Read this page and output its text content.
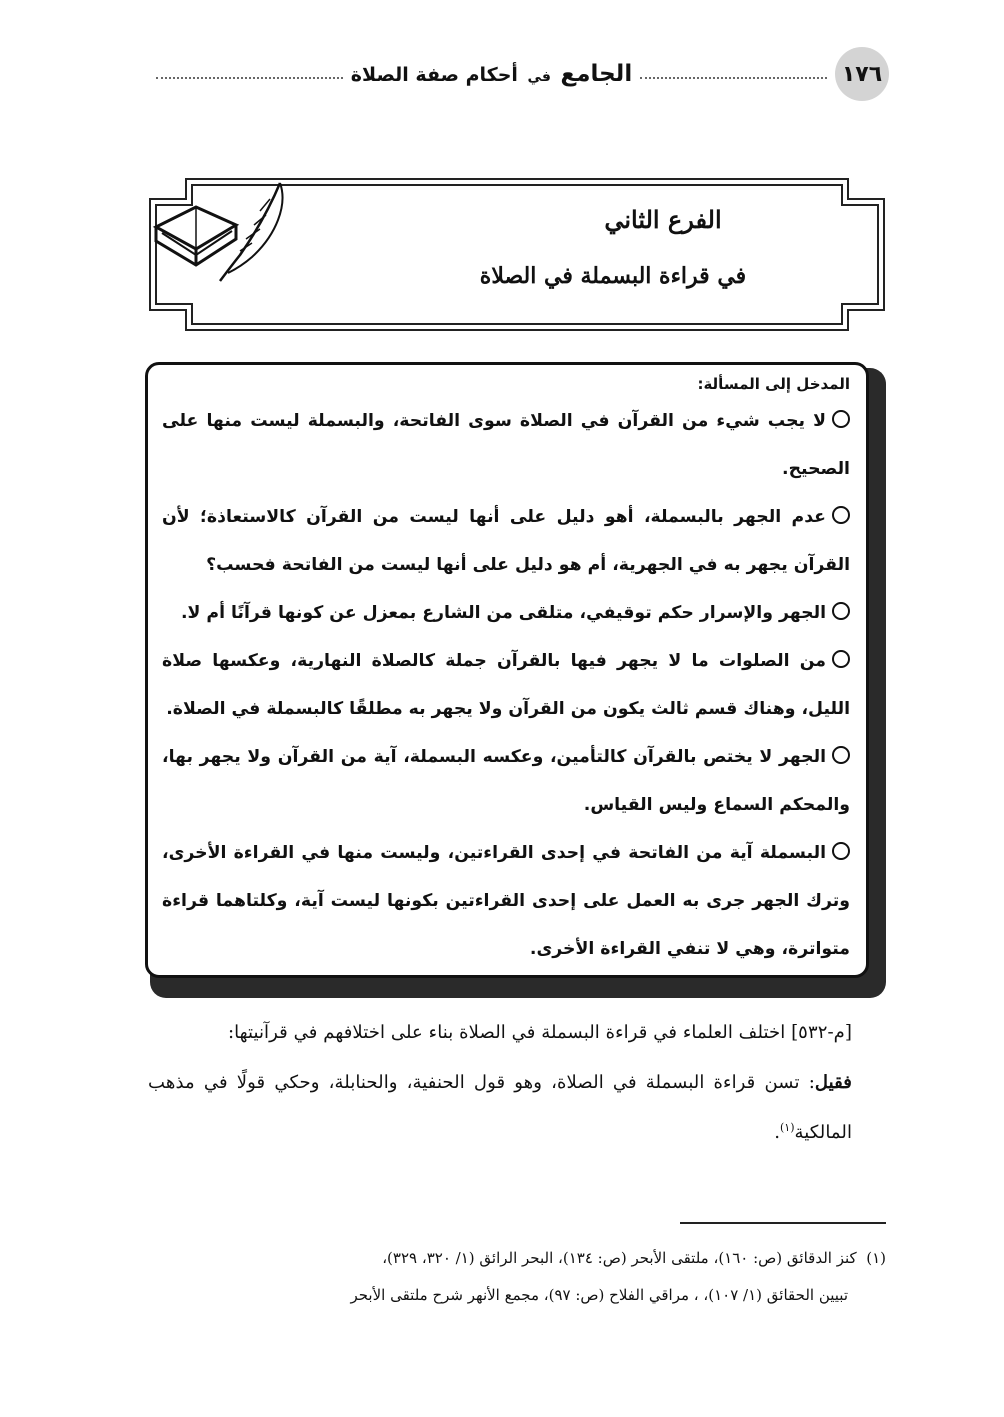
١٧٦
الجامع في أحكام صفة الصلاة
الفرع الثاني
في قراءة البسملة في الصلاة
المدخل إلى المسألة:
لا يجب شيء من القرآن في الصلاة سوى الفاتحة، والبسملة ليست منها على الصحيح.
عدم الجهر بالبسملة، أهو دليل على أنها ليست من القرآن كالاستعاذة؛ لأن القرآن يجهر به في الجهرية، أم هو دليل على أنها ليست من الفاتحة فحسب؟
الجهر والإسرار حكم توقيفي، متلقى من الشارع بمعزل عن كونها قرآنًا أم لا.
من الصلوات ما لا يجهر فيها بالقرآن جملة كالصلاة النهارية، وعكسها صلاة الليل، وهناك قسم ثالث يكون من القرآن ولا يجهر به مطلقًا كالبسملة في الصلاة.
الجهر لا يختص بالقرآن كالتأمين، وعكسه البسملة، آية من القرآن ولا يجهر بها، والمحكم السماع وليس القياس.
البسملة آية من الفاتحة في إحدى القراءتين، وليست منها في القراءة الأخرى، وترك الجهر جرى به العمل على إحدى القراءتين بكونها ليست آية، وكلتاهما قراءة متواترة، وهي لا تنفي القراءة الأخرى.

[م-٥٣٢] اختلف العلماء في قراءة البسملة في الصلاة بناء على اختلافهم في قرآنيتها:

فقيل: تسن قراءة البسملة في الصلاة، وهو قول الحنفية، والحنابلة، وحكي قولًا في مذهب المالكية$^{(١)}$.

(١)  كنز الدقائق (ص: ١٦٠)، ملتقى الأبحر (ص: ١٣٤)، البحر الرائق (١/ ٣٢٠، ٣٢٩)،

تبيين الحقائق (١/ ١٠٧)، ، مراقي الفلاح (ص: ٩٧)، مجمع الأنهر شرح ملتقى الأبحر
